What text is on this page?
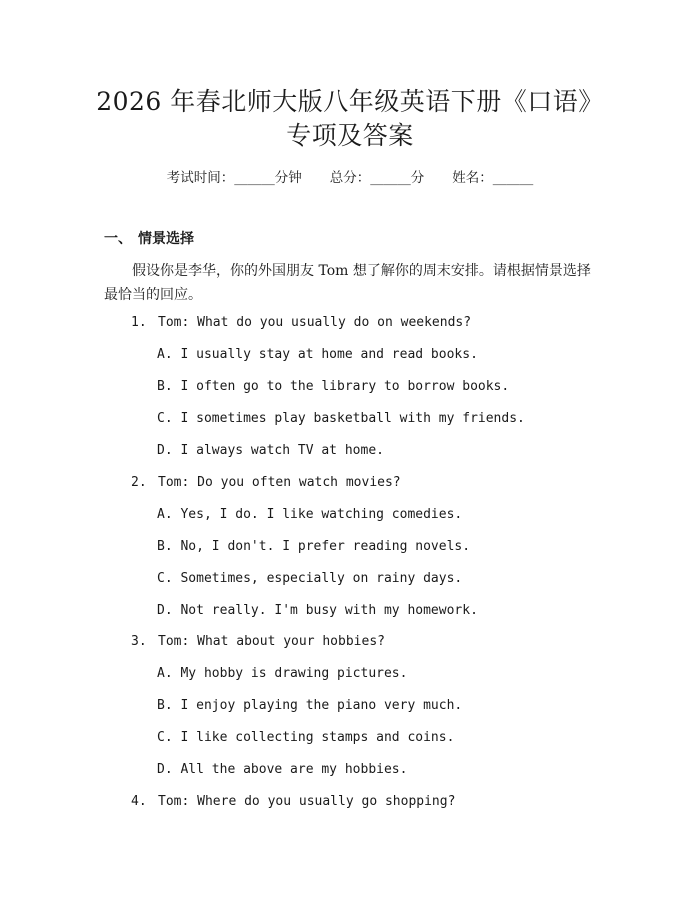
2026 年春北师大版八年级英语下册《口语》
专项及答案
考试时间：______分钟 总分：______分 姓名：______
一、 情景选择
假设你是李华，你的外国朋友 Tom 想了解你的周末安排。请根据情景选择最恰当的回应。
1. Tom: What do you usually do on weekends?
A. I usually stay at home and read books.
B. I often go to the library to borrow books.
C. I sometimes play basketball with my friends.
D. I always watch TV at home.
2. Tom: Do you often watch movies?
A. Yes, I do. I like watching comedies.
B. No, I don't. I prefer reading novels.
C. Sometimes, especially on rainy days.
D. Not really. I'm busy with my homework.
3. Tom: What about your hobbies?
A. My hobby is drawing pictures.
B. I enjoy playing the piano very much.
C. I like collecting stamps and coins.
D. All the above are my hobbies.
4. Tom: Where do you usually go shopping?
